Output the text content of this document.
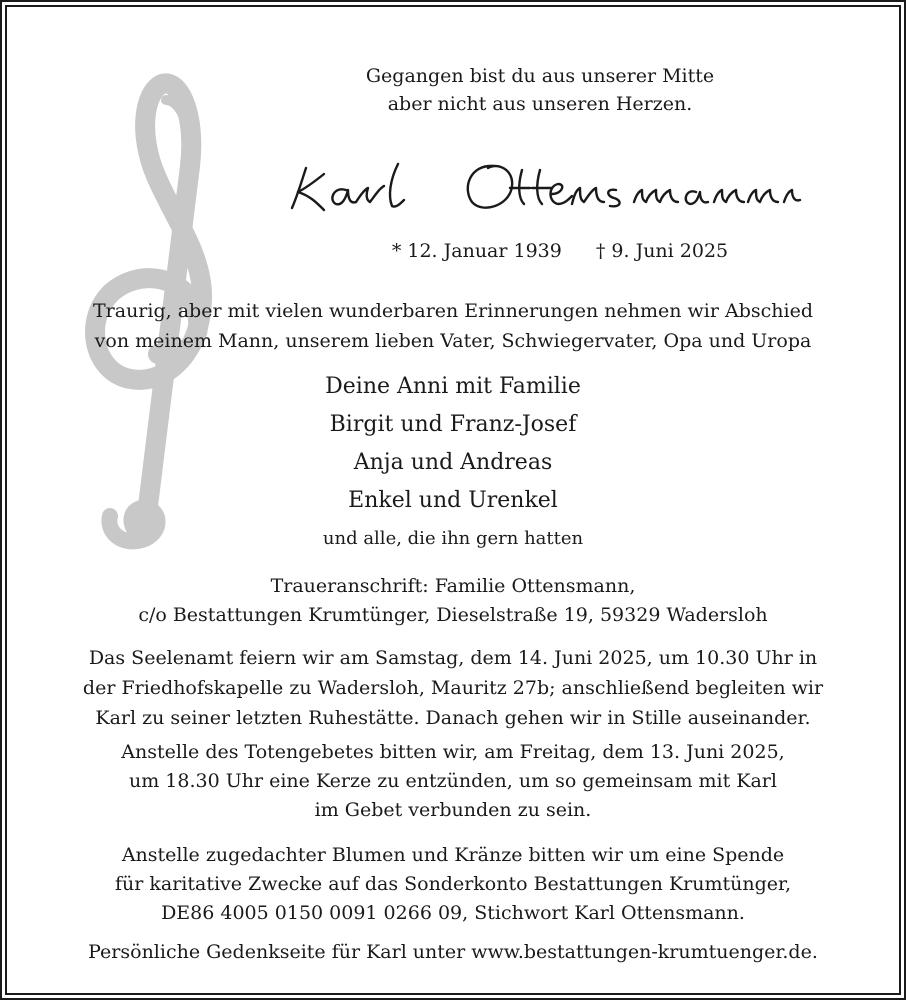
Gegangen bist du aus unserer Mitte
aber nicht aus unseren Herzen.
* 12. Januar 1939 † 9. Juni 2025
Traurig, aber mit vielen wunderbaren Erinnerungen nehmen wir Abschied
von meinem Mann, unserem lieben Vater, Schwiegervater, Opa und Uropa
Deine Anni mit Familie
Birgit und Franz-Josef
Anja und Andreas
Enkel und Urenkel
und alle, die ihn gern hatten
Traueranschrift: Familie Ottensmann,
c/o Bestattungen Krumtünger, Dieselstraße 19, 59329 Wadersloh
Das Seelenamt feiern wir am Samstag, dem 14. Juni 2025, um 10.30 Uhr in
der Friedhofskapelle zu Wadersloh, Mauritz 27b; anschließend begleiten wir
Karl zu seiner letzten Ruhestätte. Danach gehen wir in Stille auseinander.
Anstelle des Totengebetes bitten wir, am Freitag, dem 13. Juni 2025,
um 18.30 Uhr eine Kerze zu entzünden, um so gemeinsam mit Karl
im Gebet verbunden zu sein.
Anstelle zugedachter Blumen und Kränze bitten wir um eine Spende
für karitative Zwecke auf das Sonderkonto Bestattungen Krumtünger,
DE86 4005 0150 0091 0266 09, Stichwort Karl Ottensmann.
Persönliche Gedenkseite für Karl unter www.bestattungen-krumtuenger.de.
